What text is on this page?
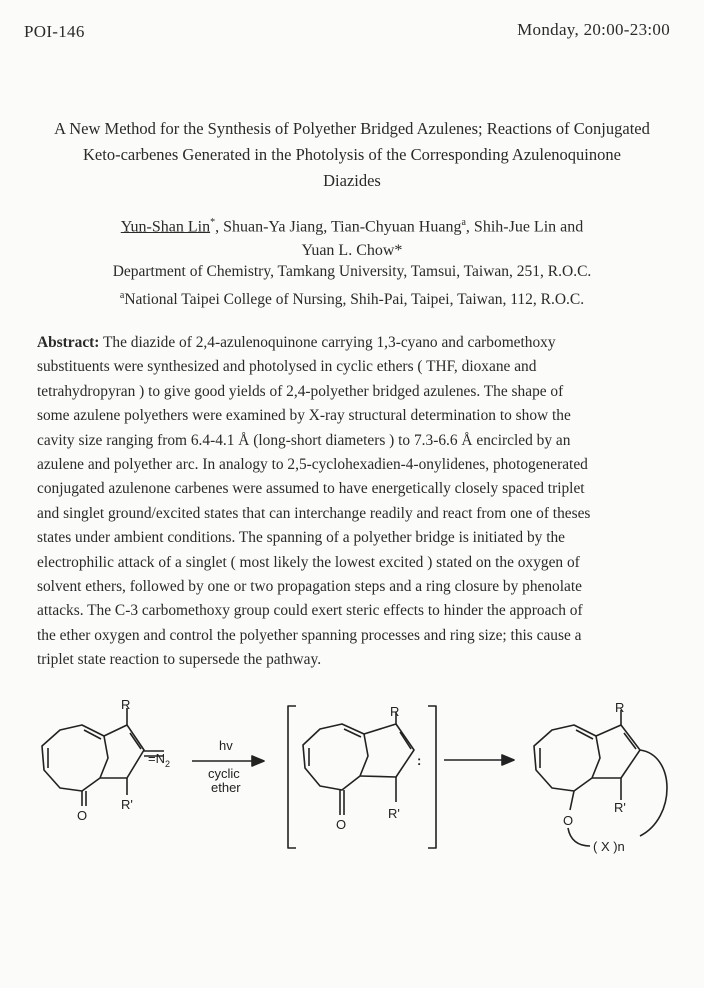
POI-146	Monday, 20:00-23:00
A New Method for the Synthesis of Polyether Bridged Azulenes; Reactions of Conjugated
Keto-carbenes Generated in the Photolysis of the Corresponding Azulenoquinone
Diazides
Yun-Shan Lin*, Shuan-Ya Jiang, Tian-Chyuan Huang$^a$, Shih-Jue Lin and
Yuan L. Chow*
Department of Chemistry, Tamkang University, Tamsui, Taiwan, 251, R.O.C.
$^a$National Taipei College of Nursing, Shih-Pai, Taipei, Taiwan, 112, R.O.C.
Abstract: The diazide of 2,4-azulenoquinone carrying 1,3-cyano and carbomethoxy
substituents were synthesized and photolysed in cyclic ethers ( THF, dioxane and
tetrahydropyran ) to give good yields of 2,4-polyether bridged azulenes. The shape of
some azulene polyethers were examined by X-ray structural determination to show the
cavity size ranging from 6.4-4.1 Å (long-short diameters ) to 7.3-6.6 Å encircled by an
azulene and polyether arc. In analogy to 2,5-cyclohexadien-4-onylidenes, photogenerated
conjugated azulenone carbenes were assumed to have energetically closely spaced triplet
and singlet ground/excited states that can interchange readily and react from one of theses
states under ambient conditions. The spanning of a polyether bridge is initiated by the
electrophilic attack of a singlet ( most likely the lowest excited ) stated on the oxygen of
solvent ethers, followed by one or two propagation steps and a ring closure by phenolate
attacks. The C-3 carbomethoxy group could exert steric effects to hinder the approach of
the ether oxygen and control the polyether spanning processes and ring size; this cause a
triplet state reaction to supersede the pathway.
R
R'
O
$=N_2$
hv
cyclic
ether
R
R'
O
:
R
R'
O
( X )n
